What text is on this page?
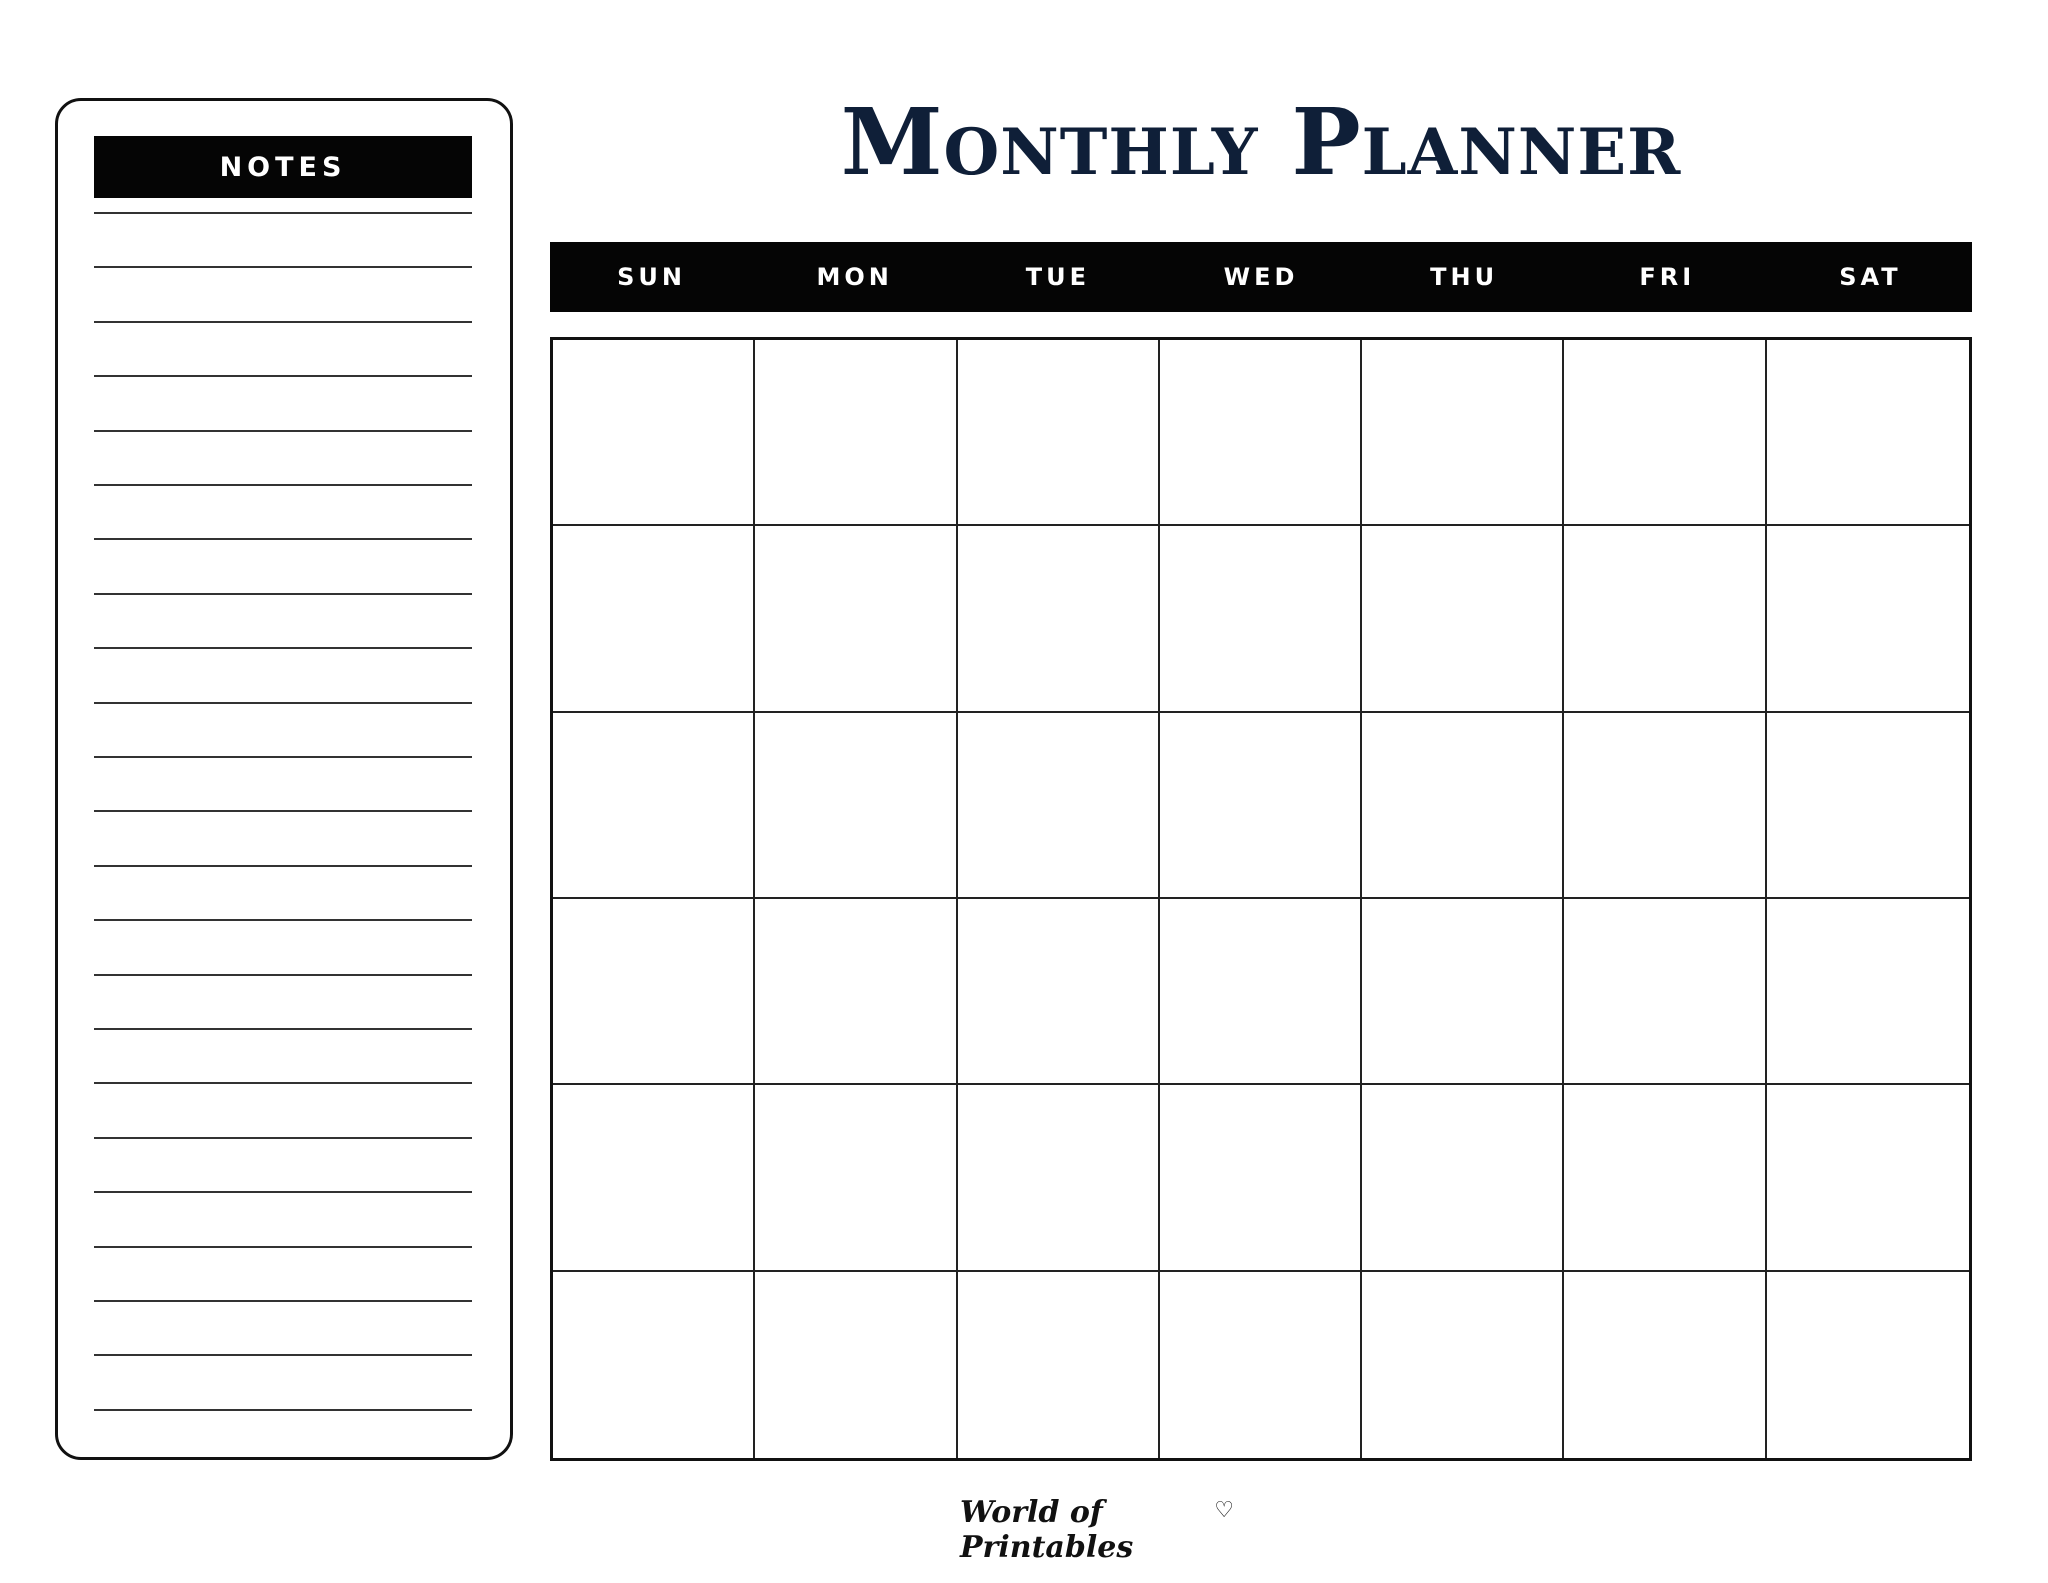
NOTES	Monthly Planner
SUN	MON	TUE	WED	THU	FRI	SAT
World of Printables
♡
